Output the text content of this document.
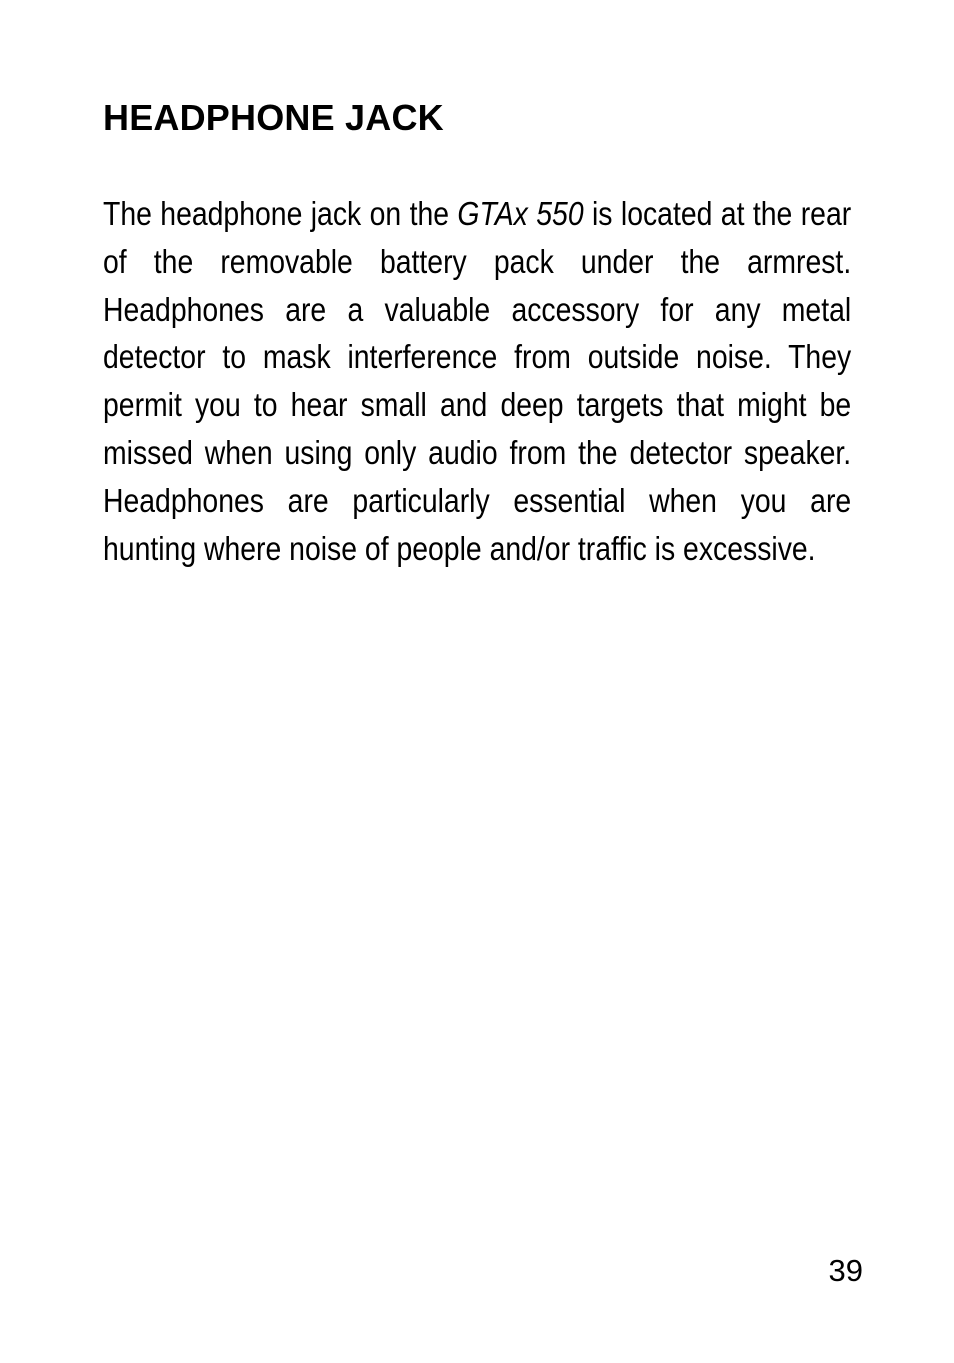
HEADPHONE JACK

The headphone jack on the GTAx 550 is located at the rear of the removable battery pack under the armrest. Headphones are a valuable accessory for any metal detector to mask interference from outside noise. They permit you to hear small and deep targets that might be missed when using only audio from the detector speaker. Headphones are particularly essential when you are hunting where noise of people and/or traffic is excessive.

39
